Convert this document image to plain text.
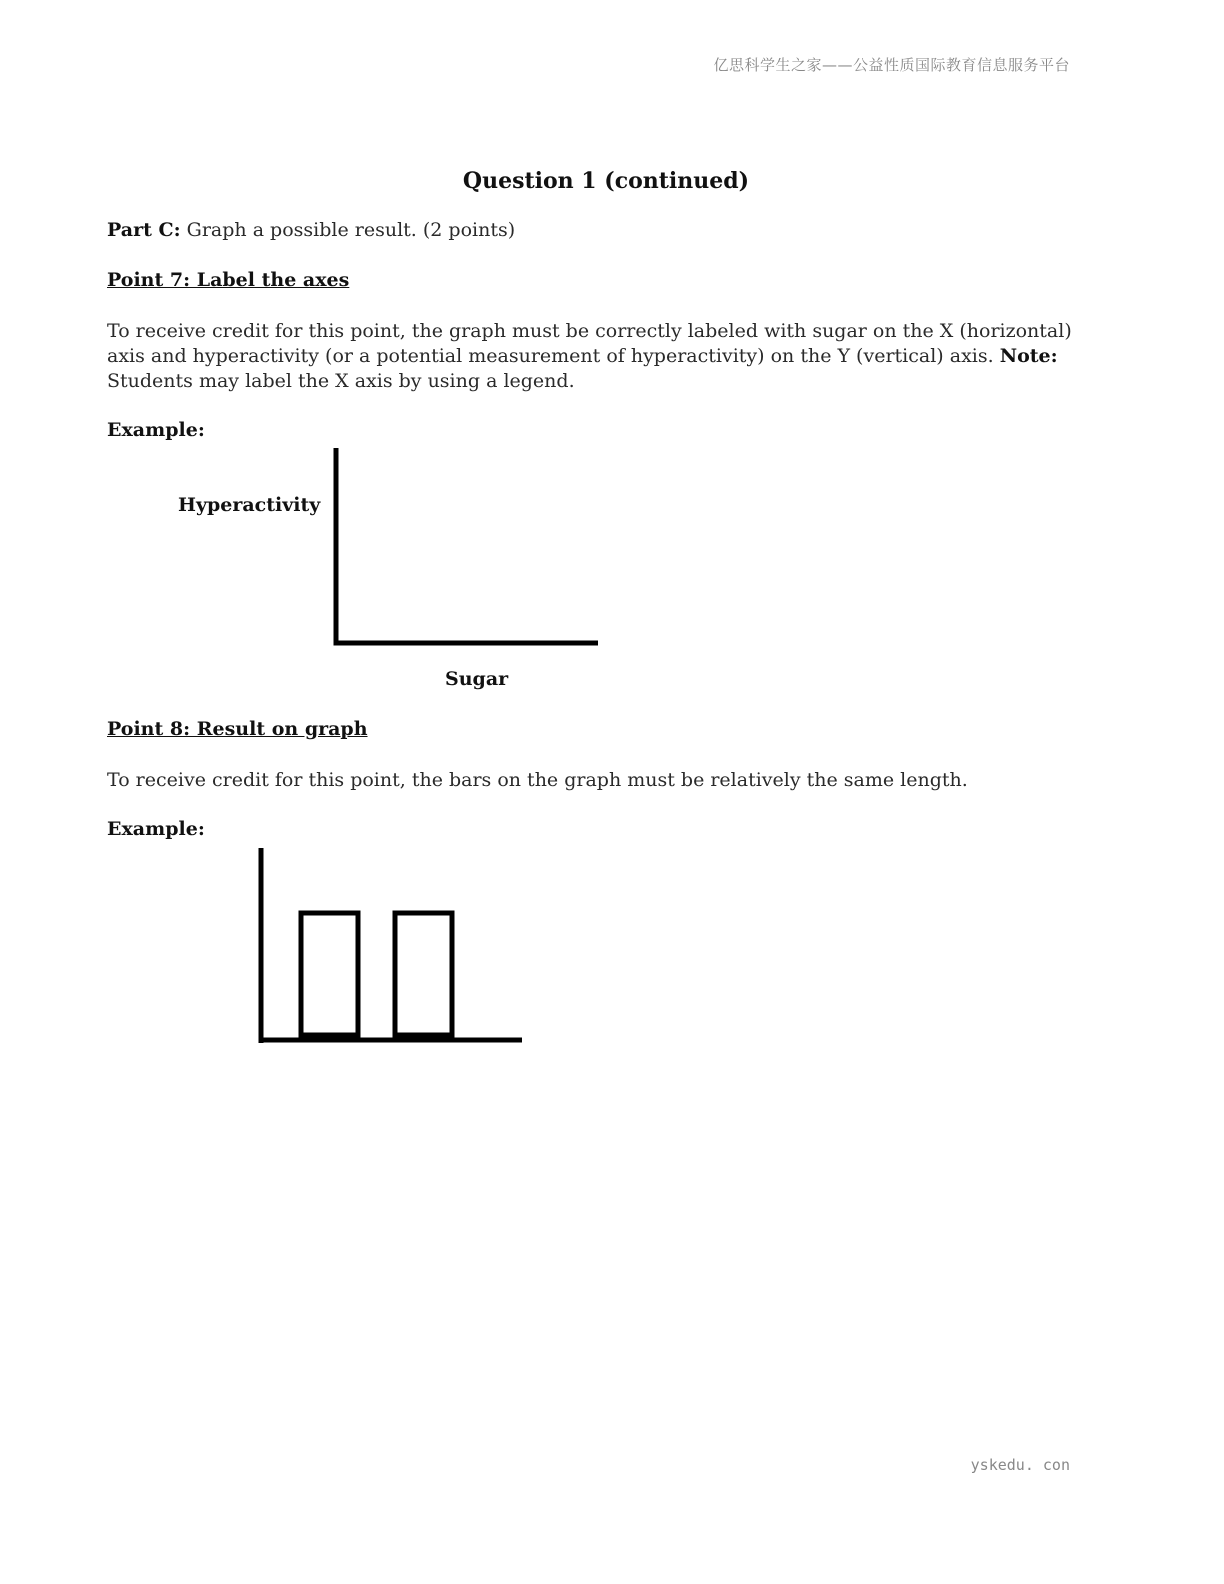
亿思科学生之家——公益性质国际教育信息服务平台
Question 1 (continued)

Part C: Graph a possible result. (2 points)

Point 7: Label the axes

To receive credit for this point, the graph must be correctly labeled with sugar on the X (horizontal) axis and hyperactivity (or a potential measurement of hyperactivity) on the Y (vertical) axis. Note: Students may label the X axis by using a legend.

Example:

Hyperactivity
Sugar

Point 8: Result on graph

To receive credit for this point, the bars on the graph must be relatively the same length.

Example:

yskedu. con
